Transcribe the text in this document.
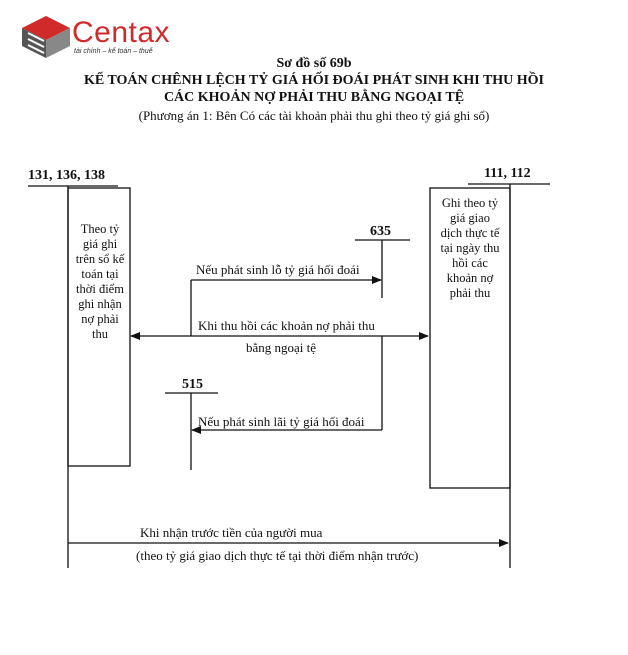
Centax
tài chính – kế toán – thuế
Sơ đồ số 69b
KẾ TOÁN CHÊNH LỆCH TỶ GIÁ HỐI ĐOÁI PHÁT SINH KHI THU HỒI
CÁC KHOẢN NỢ PHẢI THU BẰNG NGOẠI TỆ
(Phương án 1: Bên Có các tài khoản phải thu ghi theo tỷ giá ghi sổ)
131, 136, 138	111, 112
635
515
Theo tỷ
giá ghi
trên sổ kế
toán tại
thời điểm
ghi nhận
nợ phải
thu
Ghi theo tỷ
giá giao
dịch thực tế
tại ngày thu
hồi các
khoản nợ
phải thu
Nếu phát sinh lỗ tỷ giá hối đoái
Khi thu hồi các khoản nợ phải thu
bằng ngoại tệ
Nếu phát sinh lãi tỷ giá hối đoái
Khi nhận trước tiền của người mua
(theo tỷ giá giao dịch thực tế tại thời điểm nhận trước)
